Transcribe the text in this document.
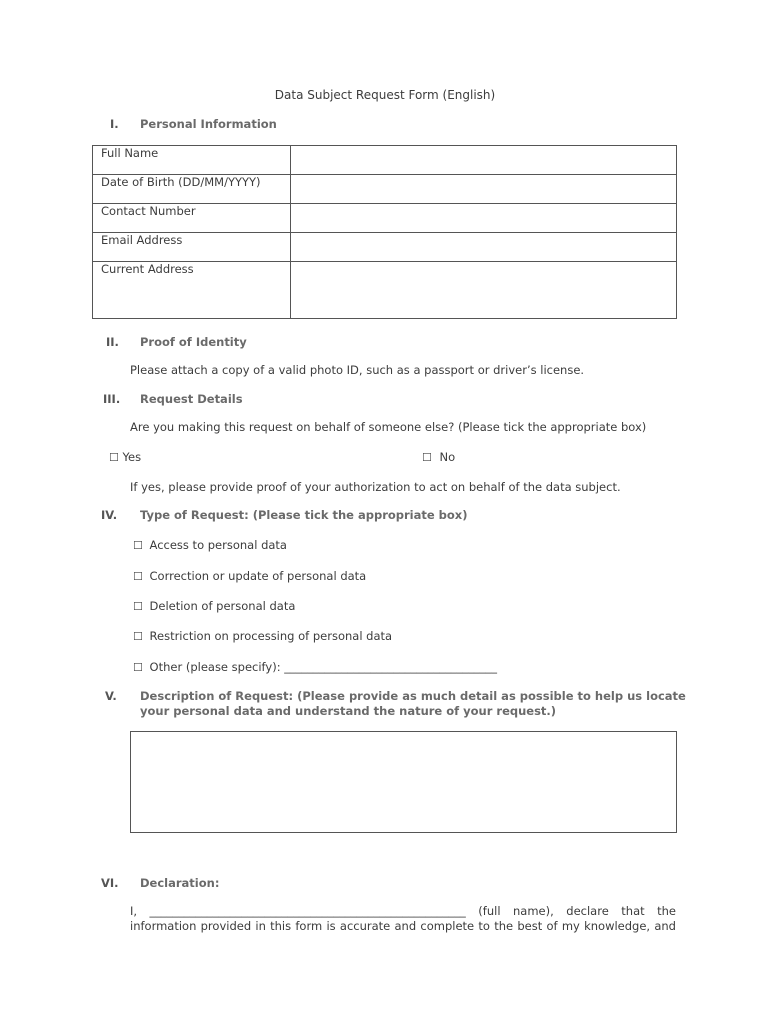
Data Subject Request Form (English)
I. Personal Information
Full Name	
Date of Birth (DD/MM/YYYY)	
Contact Number	
Email Address	
Current Address	
II. Proof of Identity
Please attach a copy of a valid photo ID, such as a passport or driver’s license.
III. Request Details
Are you making this request on behalf of someone else? (Please tick the appropriate box)
☐ Yes	☐ No
If yes, please provide proof of your authorization to act on behalf of the data subject.
IV. Type of Request: (Please tick the appropriate box)
☐ Access to personal data
☐ Correction or update of personal data
☐ Deletion of personal data
☐ Restriction on processing of personal data
☐ Other (please specify): _____________________________________
V. Description of Request: (Please provide as much detail as possible to help us locate
your personal data and understand the nature of your request.)
VI. Declaration:
I, _______________________________________________________ (full name), declare that the
information provided in this form is accurate and complete to the best of my knowledge, and
